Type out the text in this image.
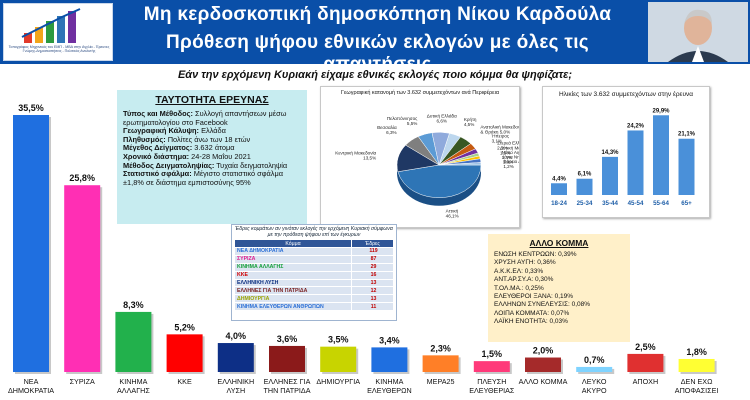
Τοπογράφος Μηχανικός του ΕΜΠ - MBA στην Αγγλία - Έρευνες Γνώμης-Δημοσκοπήσεις - Πολιτικός Αναλυτής
Μη κερδοσκοπική δημοσκόπηση Νίκου Καρδούλα
Πρόθεση ψήφου εθνικών εκλογών με όλες τις απαντήσεις
Εάν την ερχόμενη Κυριακή είχαμε εθνικές εκλογές ποιο κόμμα θα ψηφίζατε;
35,5%
ΝΕΑ
ΔΗΜΟΚΡΑΤΙΑ
25,8%
ΣΥΡΙΖΑ
8,3%
ΚΙΝΗΜΑ
ΑΛΛΑΓΗΣ
5,2%
ΚΚΕ
4,0%
ΕΛΛΗΝΙΚΗ
ΛΥΣΗ
3,6%
ΕΛΛΗΝΕΣ ΓΙΑ
ΤΗΝ ΠΑΤΡΙΔΑ
3,5%
ΔΗΜΙΟΥΡΓΙΑ
3,4%
ΚΙΝΗΜΑ
ΕΛΕΥΘΕΡΩΝ
2,3%
ΜΕΡΑ25
1,5%
ΠΛΕΥΣΗ
ΕΛΕΥΘΕΡΙΑΣ
2,0%
ΑΛΛΟ ΚΟΜΜΑ
0,7%
ΛΕΥΚΟ
ΑΚΥΡΟ
2,5%
ΑΠΟΧΗ
1,8%
ΔΕΝ ΕΧΩ
ΑΠΟΦΑΣΙΣΕΙ
ΤΑΥΤΟΤΗΤΑ ΕΡΕΥΝΑΣ
Τύπος και Μέθοδος: Συλλογή απαντήσεων μέσω ερωτηματολογίου στο Facebook
Γεωγραφική Κάλυψη: Ελλάδα
Πληθυσμός: Πολίτες άνω των 18 ετών
Μέγεθος Δείγματος: 3.632 άτομα
Χρονικό διάστημα: 24-28 Μαΐου 2021
Μέθοδος Δειγματοληψίας: Τυχαία δειγματοληψία
Στατιστικό σφάλμα: Μέγιστο στατιστικό σφάλμα ±1,8% σε διάστημα εμπιστοσύνης 95%
Γεωγραφική κατανομή των 3.632 συμμετεχόντων ανά Περιφέρεια
Αττική 46,1%
Κεντρική Μακεδονία 13,5%
Θεσσαλία 6,3%
Πελοπόννησος 5,5%
Δυτική Ελλάδα 6,6%	Κρήτη 4,5%	Ανατολική Μακεδο & Θράκη 5,0%
Ήπειρος 3,1%
Στερεά Ελλ 2,2%
Δυτική Μ 1,5%
Νότιο Αι 1,4%
Ιόνια Νη 1,8%
Βόρειο 1,2%
Ηλικίες των 3.632 συμμετεχόντων στην έρευνα
4,4%
18-24
6,1%
25-34
14,3%
35-44
24,2%
45-54
29,9%
55-64
21,1%
65+
Έδρες κομμάτων αν γινόταν εκλογές την ερχόμενη Κυριακή σύμφωνα με την πρόθεση ψήφου επί των έγκυρων
Κόμμα	Έδρες
ΝΕΑ ΔΗΜΟΚΡΑΤΙΑ	119
ΣΥΡΙΖΑ	87
ΚΙΝΗΜΑ ΑΛΛΑΓΗΣ	29
ΚΚΕ	16
ΕΛΛΗΝΙΚΗ ΛΥΣΗ	13
ΕΛΛΗΝΕΣ ΓΙΑ ΤΗΝ ΠΑΤΡΙΔΑ	12
ΔΗΜΙΟΥΡΓΙΑ	13
ΚΙΝΗΜΑ ΕΛΕΥΘΕΡΩΝ ΑΝΘΡΩΠΩΝ	11
ΑΛΛΟ ΚΟΜΜΑ
ΕΝΩΣΗ ΚΕΝΤΡΩΩΝ: 0,39%
ΧΡΥΣΗ ΑΥΓΗ: 0,36%
Α.Κ.Κ.ΕΛ: 0,33%
ΑΝΤ.ΑΡ.ΣΥ.Α: 0,30%
Τ.ΟΛ.ΜΑ.: 0,25%
ΕΛΕΥΘΕΡΟΙ ΞΑΝΑ: 0,19%
ΕΛΛΗΝΩΝ ΣΥΝΕΛΕΥΣΙΣ: 0,08%
ΛΟΙΠΑ ΚΟΜΜΑΤΑ: 0,07%
ΛΑΪΚΗ ΕΝΟΤΗΤΑ: 0,03%
